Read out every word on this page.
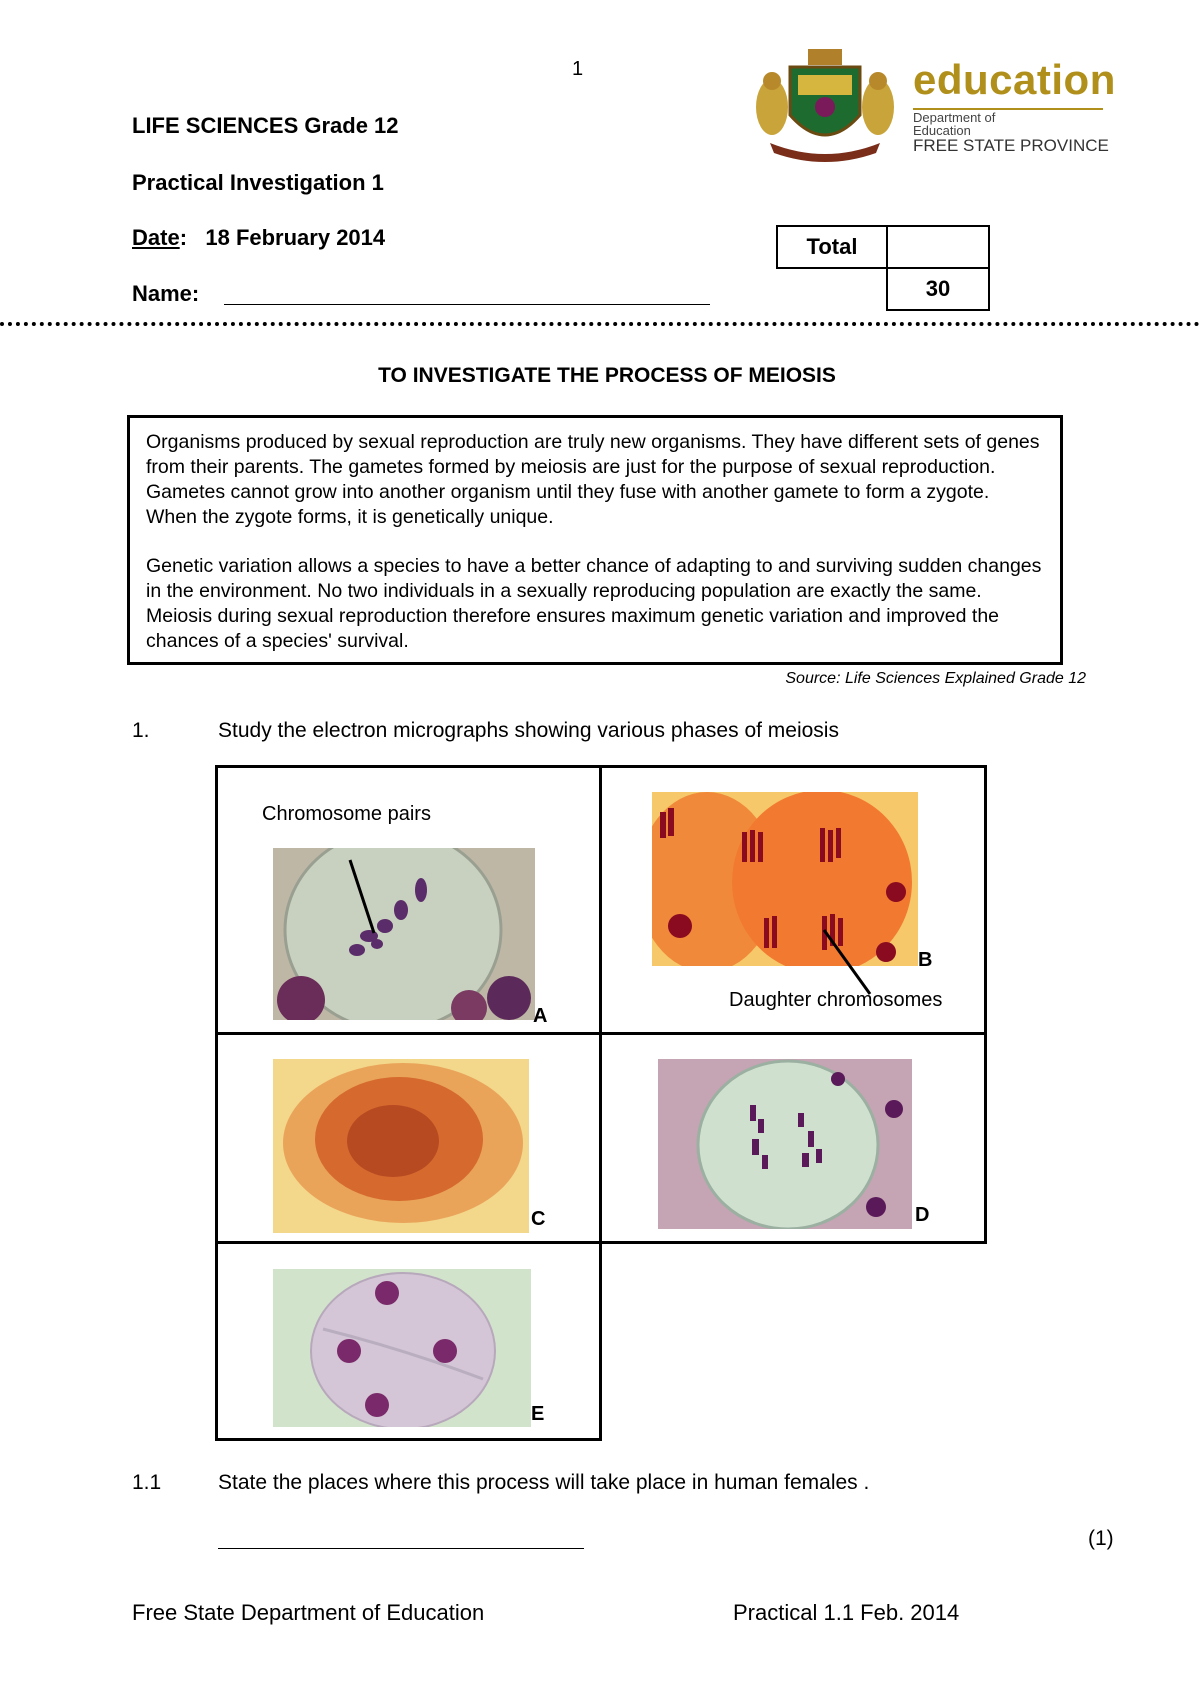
1
LIFE SCIENCES Grade 12
Practical Investigation 1
Date:   18 February 2014
Name:
education
Department of
Education
FREE STATE PROVINCE
Total	
	30
TO INVESTIGATE THE PROCESS OF MEIOSIS

Organisms produced by sexual reproduction are truly new organisms. They have different sets of genes from their parents. The gametes formed by meiosis are just for the purpose of sexual reproduction. Gametes cannot grow into another organism until they fuse with another gamete to form a zygote. When the zygote forms, it is genetically unique.

Genetic variation allows a species to have a better chance of adapting to and surviving sudden changes in the environment. No two individuals in a sexually reproducing population are exactly the same. Meiosis during sexual reproduction therefore ensures maximum genetic variation and improved the chances of a species' survival.

Source: Life Sciences Explained Grade 12
1.	Study the electron micrographs showing various phases of meiosis
Chromosome pairs
A
B
Daughter chromosomes
C	D
E
1.1	State the places where this process will take place in human females .
(1)
Free State Department of Education	Practical 1.1 Feb. 2014
